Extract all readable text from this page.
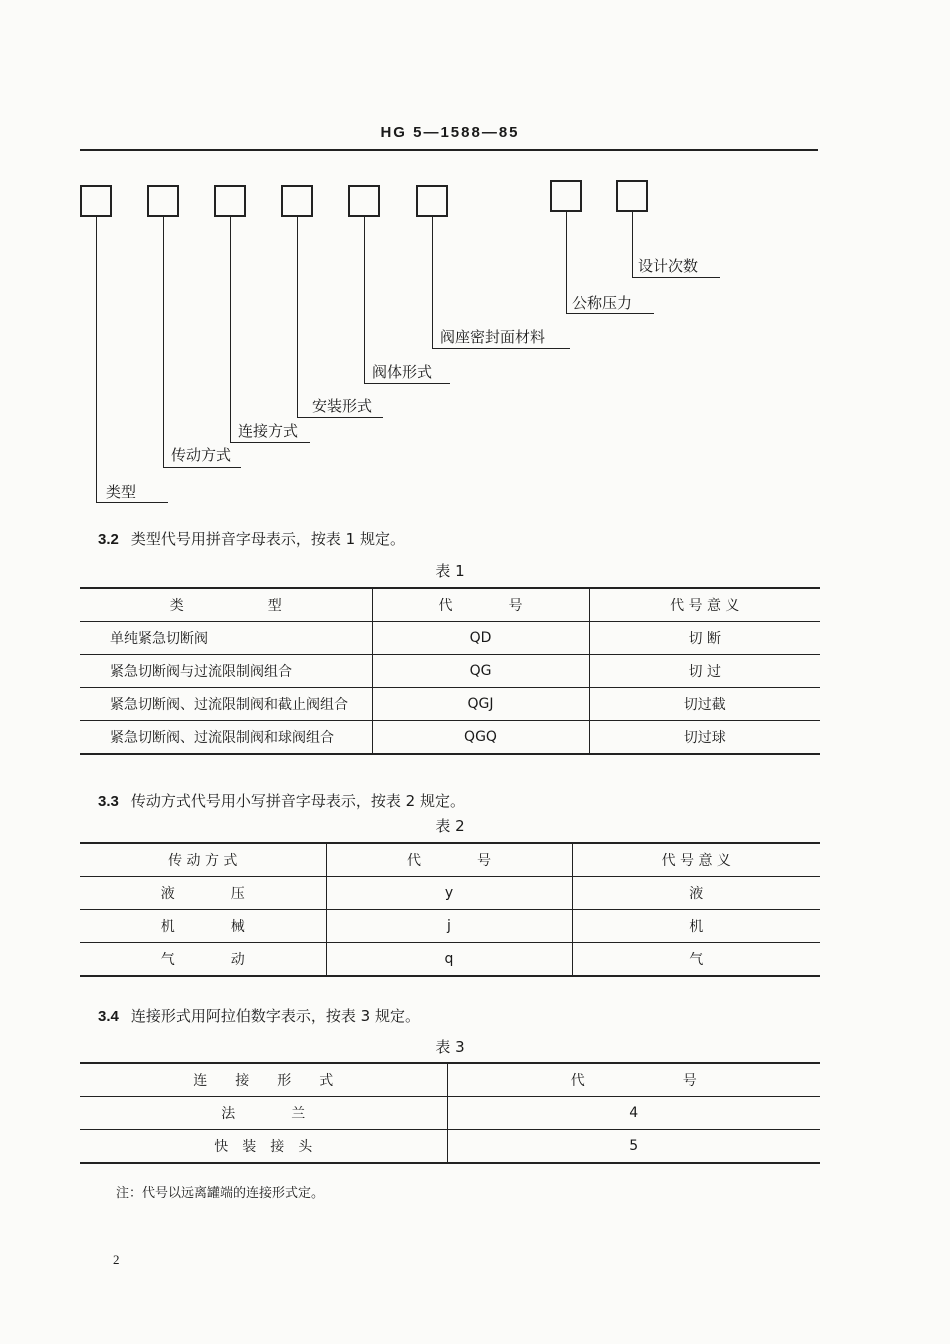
HG 5—1588—85
类型
传动方式
连接方式
安装形式
阀体形式
阀座密封面材料
公称压力
设计次数
3.2 类型代号用拼音字母表示，按表 1 规定。
表 1
类　　　　　　型	代　　　　号	代 号 意 义
单纯紧急切断阀	QD	切 断
紧急切断阀与过流限制阀组合	QG	切 过
紧急切断阀、过流限制阀和截止阀组合	QGJ	切过截
紧急切断阀、过流限制阀和球阀组合	QGQ	切过球
3.3 传动方式代号用小写拼音字母表示，按表 2 规定。
表 2
传 动 方 式	代　　　　号	代 号 意 义
液　　　　压	y	液
机　　　　械	j	机
气　　　　动	q	气
3.4 连接形式用阿拉伯数字表示，按表 3 规定。
表 3
连　　接　　形　　式	代　　　　　　　号
法　　　　兰	4
快　装　接　头	5
注：代号以远离罐端的连接形式定。
2
